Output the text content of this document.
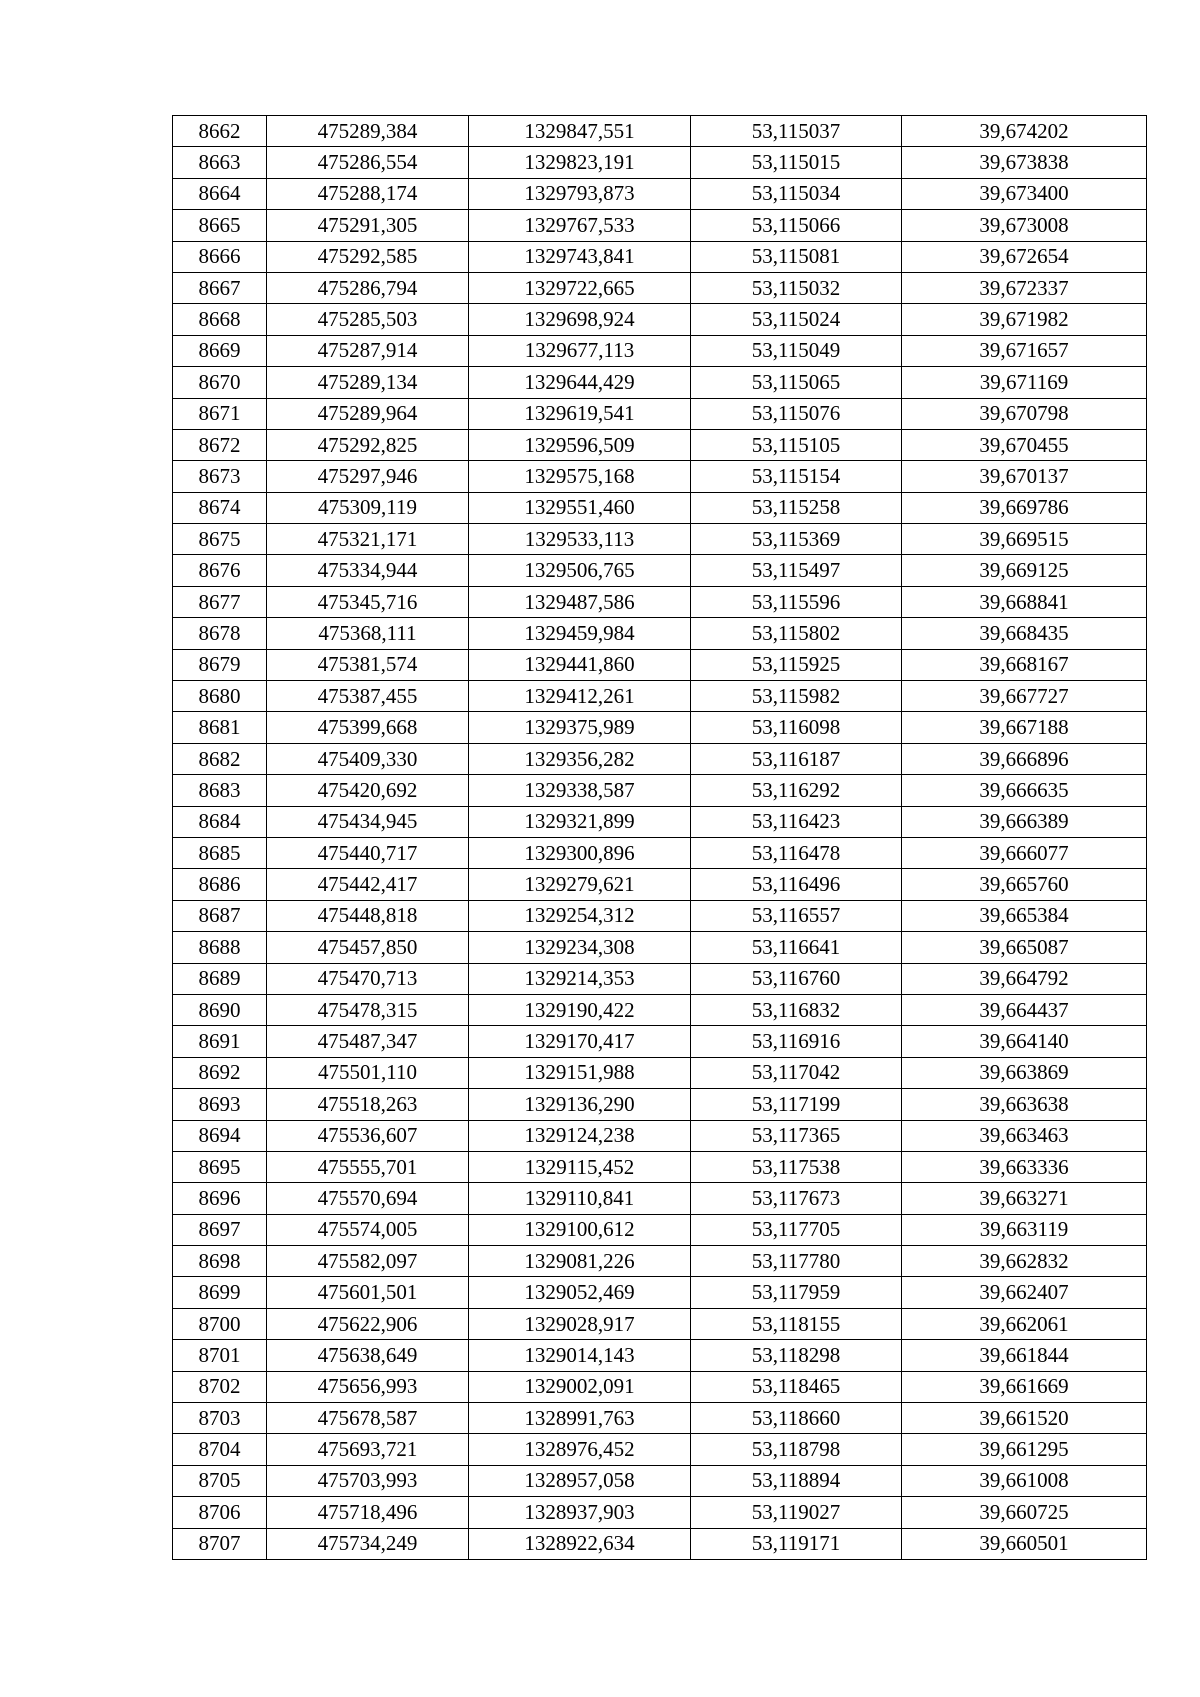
8662	475289,384	1329847,551	53,115037	39,674202
8663	475286,554	1329823,191	53,115015	39,673838
8664	475288,174	1329793,873	53,115034	39,673400
8665	475291,305	1329767,533	53,115066	39,673008
8666	475292,585	1329743,841	53,115081	39,672654
8667	475286,794	1329722,665	53,115032	39,672337
8668	475285,503	1329698,924	53,115024	39,671982
8669	475287,914	1329677,113	53,115049	39,671657
8670	475289,134	1329644,429	53,115065	39,671169
8671	475289,964	1329619,541	53,115076	39,670798
8672	475292,825	1329596,509	53,115105	39,670455
8673	475297,946	1329575,168	53,115154	39,670137
8674	475309,119	1329551,460	53,115258	39,669786
8675	475321,171	1329533,113	53,115369	39,669515
8676	475334,944	1329506,765	53,115497	39,669125
8677	475345,716	1329487,586	53,115596	39,668841
8678	475368,111	1329459,984	53,115802	39,668435
8679	475381,574	1329441,860	53,115925	39,668167
8680	475387,455	1329412,261	53,115982	39,667727
8681	475399,668	1329375,989	53,116098	39,667188
8682	475409,330	1329356,282	53,116187	39,666896
8683	475420,692	1329338,587	53,116292	39,666635
8684	475434,945	1329321,899	53,116423	39,666389
8685	475440,717	1329300,896	53,116478	39,666077
8686	475442,417	1329279,621	53,116496	39,665760
8687	475448,818	1329254,312	53,116557	39,665384
8688	475457,850	1329234,308	53,116641	39,665087
8689	475470,713	1329214,353	53,116760	39,664792
8690	475478,315	1329190,422	53,116832	39,664437
8691	475487,347	1329170,417	53,116916	39,664140
8692	475501,110	1329151,988	53,117042	39,663869
8693	475518,263	1329136,290	53,117199	39,663638
8694	475536,607	1329124,238	53,117365	39,663463
8695	475555,701	1329115,452	53,117538	39,663336
8696	475570,694	1329110,841	53,117673	39,663271
8697	475574,005	1329100,612	53,117705	39,663119
8698	475582,097	1329081,226	53,117780	39,662832
8699	475601,501	1329052,469	53,117959	39,662407
8700	475622,906	1329028,917	53,118155	39,662061
8701	475638,649	1329014,143	53,118298	39,661844
8702	475656,993	1329002,091	53,118465	39,661669
8703	475678,587	1328991,763	53,118660	39,661520
8704	475693,721	1328976,452	53,118798	39,661295
8705	475703,993	1328957,058	53,118894	39,661008
8706	475718,496	1328937,903	53,119027	39,660725
8707	475734,249	1328922,634	53,119171	39,660501
